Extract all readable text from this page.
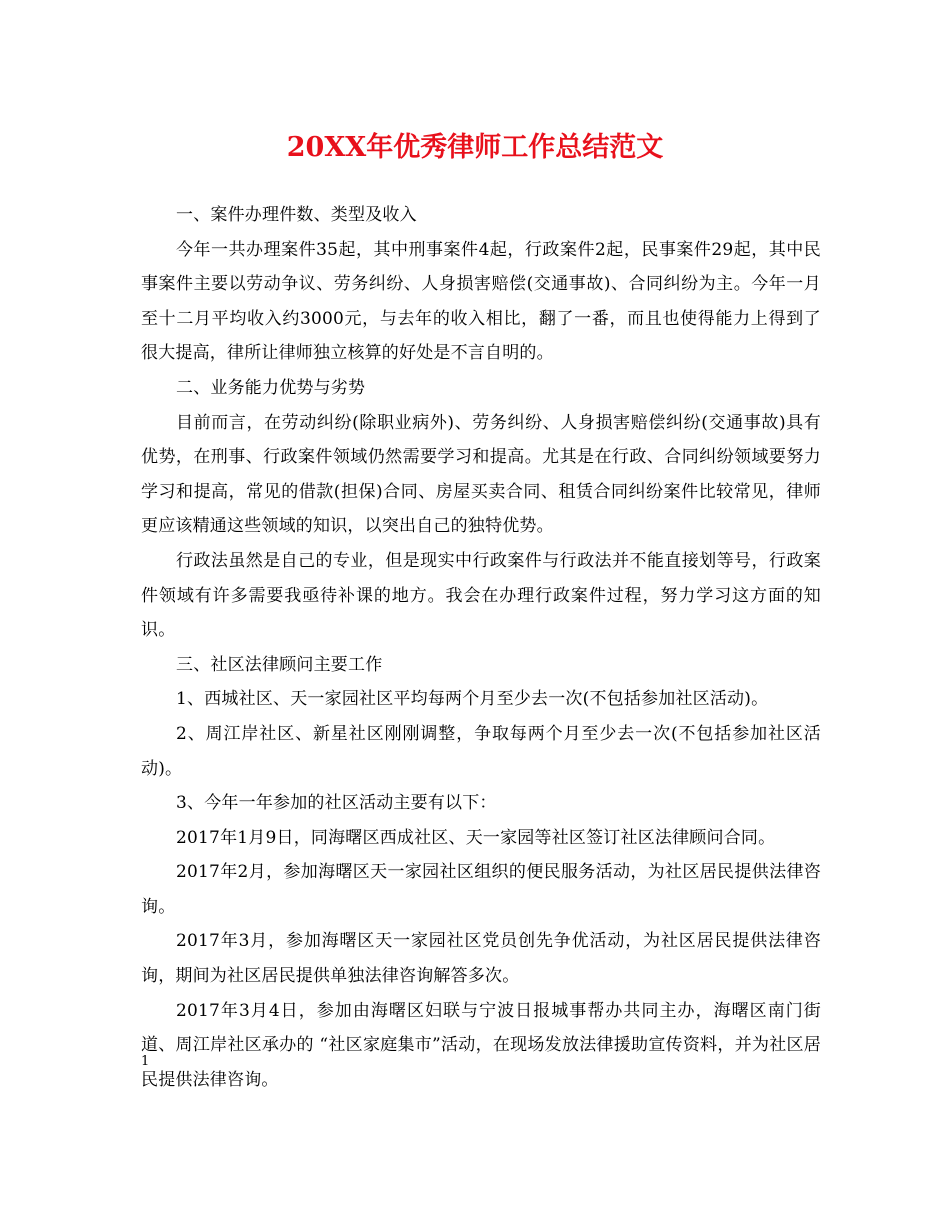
20XX年优秀律师工作总结范文

一、案件办理件数、类型及收入

今年一共办理案件35起，其中刑事案件4起，行政案件2起，民事案件29起，其中民事案件主要以劳动争议、劳务纠纷、人身损害赔偿(交通事故)、合同纠纷为主。今年一月至十二月平均收入约3000元，与去年的收入相比，翻了一番，而且也使得能力上得到了很大提高，律所让律师独立核算的好处是不言自明的。

二、业务能力优势与劣势

目前而言，在劳动纠纷(除职业病外)、劳务纠纷、人身损害赔偿纠纷(交通事故)具有优势，在刑事、行政案件领域仍然需要学习和提高。尤其是在行政、合同纠纷领域要努力学习和提高，常见的借款(担保)合同、房屋买卖合同、租赁合同纠纷案件比较常见，律师更应该精通这些领域的知识，以突出自己的独特优势。

行政法虽然是自己的专业，但是现实中行政案件与行政法并不能直接划等号，行政案件领域有许多需要我亟待补课的地方。我会在办理行政案件过程，努力学习这方面的知识。

三、社区法律顾问主要工作

1、西城社区、天一家园社区平均每两个月至少去一次(不包括参加社区活动)。

2、周江岸社区、新星社区刚刚调整，争取每两个月至少去一次(不包括参加社区活动)。

3、今年一年参加的社区活动主要有以下：

2017年1月9日，同海曙区西成社区、天一家园等社区签订社区法律顾问合同。

2017年2月，参加海曙区天一家园社区组织的便民服务活动，为社区居民提供法律咨询。

2017年3月，参加海曙区天一家园社区党员创先争优活动，为社区居民提供法律咨询，期间为社区居民提供单独法律咨询解答多次。

2017年3月4日，参加由海曙区妇联与宁波日报城事帮办共同主办，海曙区南门街道、周江岸社区承办的 “社区家庭集市”活动，在现场发放法律援助宣传资料，并为社区居民提供法律咨询。

1
